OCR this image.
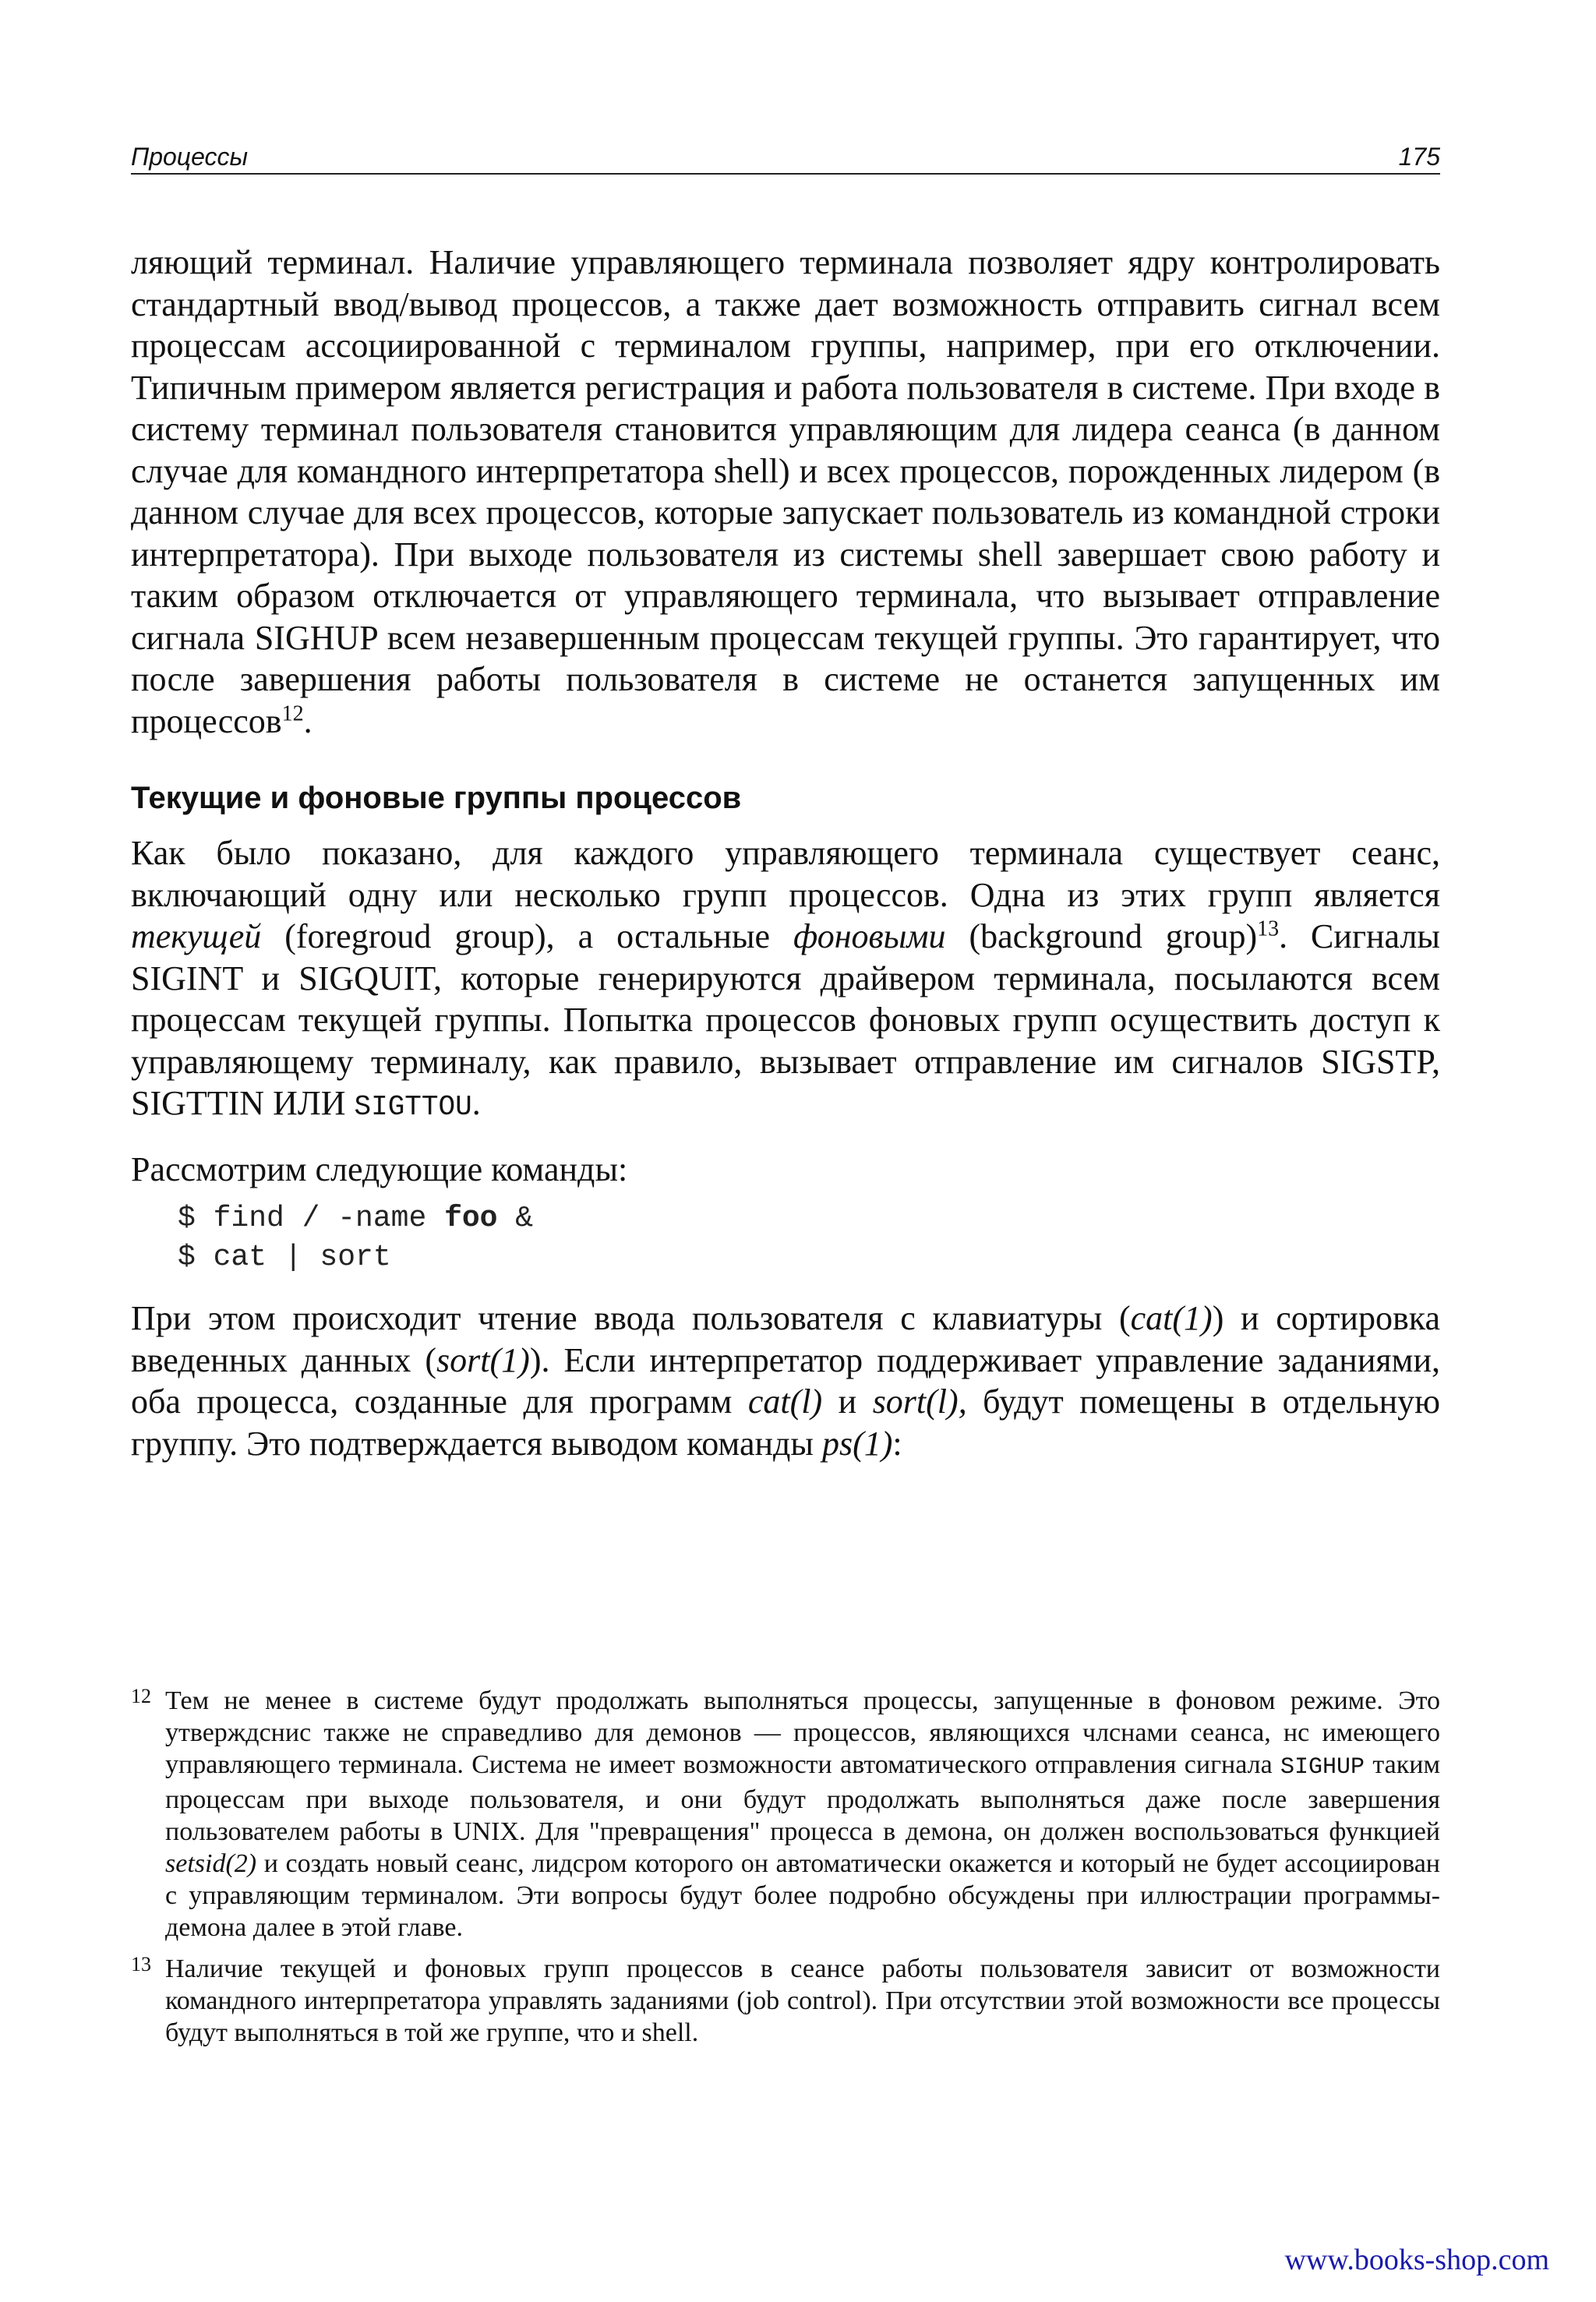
Процессы	175

ляющий терминал. Наличие управляющего терминала позволяет ядру контролировать стандартный ввод/вывод процессов, а также дает возможность отправить сигнал всем процессам ассоциированной с терминалом группы, например, при его отключении. Типичным примером является регистрация и работа пользователя в системе. При входе в систему терминал пользователя становится управляющим для лидера сеанса (в данном случае для командного интерпретатора shell) и всех процессов, порожденных лидером (в данном случае для всех процессов, которые запускает пользователь из командной строки интерпретатора). При выходе пользователя из системы shell завершает свою работу и таким образом отключается от управляющего терминала, что вызывает отправление сигнала SIGHUP всем незавершенным процессам текущей группы. Это гарантирует, что после завершения работы пользователя в системе не останется запущенных им процессов$^{12}$.

Текущие и фоновые группы процессов

Как было показано, для каждого управляющего терминала существует сеанс, включающий одну или несколько групп процессов. Одна из этих групп является текущей (foregroud group), а остальные фоновыми (background group)$^{13}$. Сигналы SIGINT и SIGQUIT, которые генерируются драйвером терминала, посылаются всем процессам текущей группы. Попытка процессов фоновых групп осуществить доступ к управляющему терминалу, как правило, вызывает отправление им сигналов SIGSTP, SIGTTIN ИЛИ SIGTTOU.

Рассмотрим следующие команды:

$ find / -name foo &
$ cat | sort

При этом происходит чтение ввода пользователя с клавиатуры (cat(1)) и сортировка введенных данных (sort(1)). Если интерпретатор поддерживает управление заданиями, оба процесса, созданные для программ cat(l) и sort(l), будут помещены в отдельную группу. Это подтверждается выводом команды ps(1):

12 Тем не менее в системе будут продолжать выполняться процессы, запущенные в фоновом режиме. Это утверждснис также не справедливо для демонов — процессов, являющихся члснами сеанса, нс имеющего управляющего терминала. Система не имеет возможности автоматического отправления сигнала SIGHUP таким процессам при выходе пользователя, и они будут продолжать выполняться даже после завершения пользователем работы в UNIX. Для "превращения" процесса в демона, он должен воспользоваться функцией setsid(2) и создать новый сеанс, лидсром которого он автоматически окажется и который не будет ассоциирован с управляющим терминалом. Эти вопросы будут более подробно обсуждены при иллюстрации программы-демона далее в этой главе.
13 Наличие текущей и фоновых групп процессов в сеансе работы пользователя зависит от возможности командного интерпретатора управлять заданиями (job control). При отсутствии этой возможности все процессы будут выполняться в той же группе, что и shell.
www.books-shop.com
